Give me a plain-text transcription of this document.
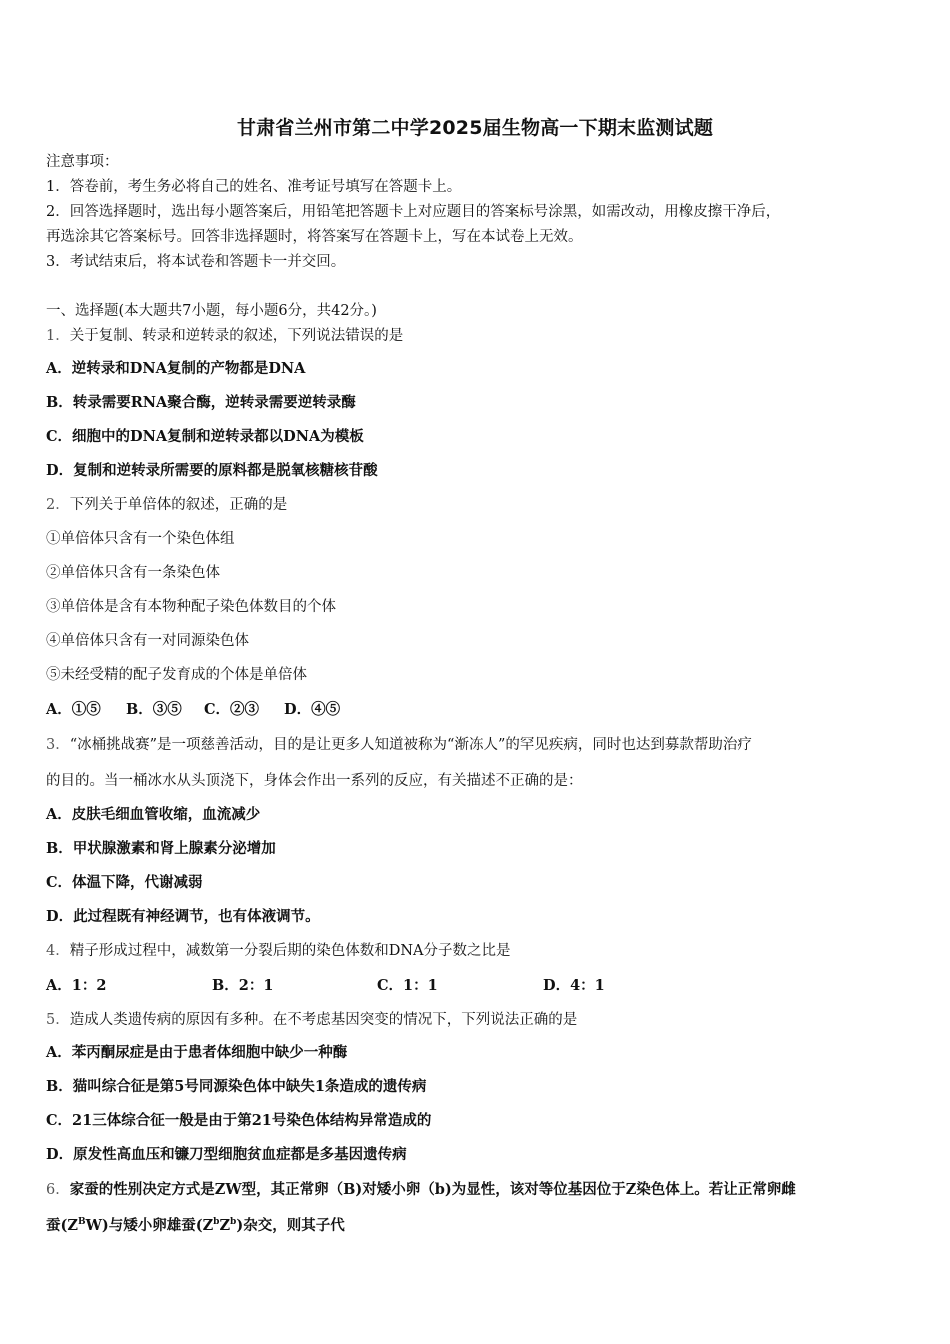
甘肃省兰州市第二中学2025届生物高一下期末监测试题
注意事项：
1．答卷前，考生务必将自己的姓名、准考证号填写在答题卡上。
2．回答选择题时，选出每小题答案后，用铅笔把答题卡上对应题目的答案标号涂黑，如需改动，用橡皮擦干净后，
再选涂其它答案标号。回答非选择题时，将答案写在答题卡上，写在本试卷上无效。
3．考试结束后，将本试卷和答题卡一并交回。
一、选择题(本大题共7小题，每小题6分，共42分。)
1．关于复制、转录和逆转录的叙述，下列说法错误的是
A．逆转录和DNA复制的产物都是DNA
B．转录需要RNA聚合酶，逆转录需要逆转录酶
C．细胞中的DNA复制和逆转录都以DNA为模板
D．复制和逆转录所需要的原料都是脱氧核糖核苷酸
2．下列关于单倍体的叙述，正确的是
①单倍体只含有一个染色体组
②单倍体只含有一条染色体
③单倍体是含有本物种配子染色体数目的个体
④单倍体只含有一对同源染色体
⑤未经受精的配子发育成的个体是单倍体
A．①⑤ B．③⑤ C．②③ D．④⑤
3．“冰桶挑战赛”是一项慈善活动，目的是让更多人知道被称为“渐冻人”的罕见疾病，同时也达到募款帮助治疗
的目的。当一桶冰水从头顶浇下，身体会作出一系列的反应，有关描述不正确的是：
A．皮肤毛细血管收缩，血流减少
B．甲状腺激素和肾上腺素分泌增加
C．体温下降，代谢减弱
D．此过程既有神经调节，也有体液调节。
4．精子形成过程中，减数第一分裂后期的染色体数和DNA分子数之比是
A．1：2	B．2：1	C．1：1	D．4：1
5．造成人类遗传病的原因有多种。在不考虑基因突变的情况下，下列说法正确的是
A．苯丙酮尿症是由于患者体细胞中缺少一种酶
B．猫叫综合征是第5号同源染色体中缺失1条造成的遗传病
C．21三体综合征一般是由于第21号染色体结构异常造成的
D．原发性高血压和镰刀型细胞贫血症都是多基因遗传病
6．家蚕的性别决定方式是ZW型，其正常卵（B)对矮小卵（b)为显性，该对等位基因位于Z染色体上。若让正常卵雌
蚕$(Z^BW)$与矮小卵雄蚕$(Z^bZ^b)$杂交，则其子代
